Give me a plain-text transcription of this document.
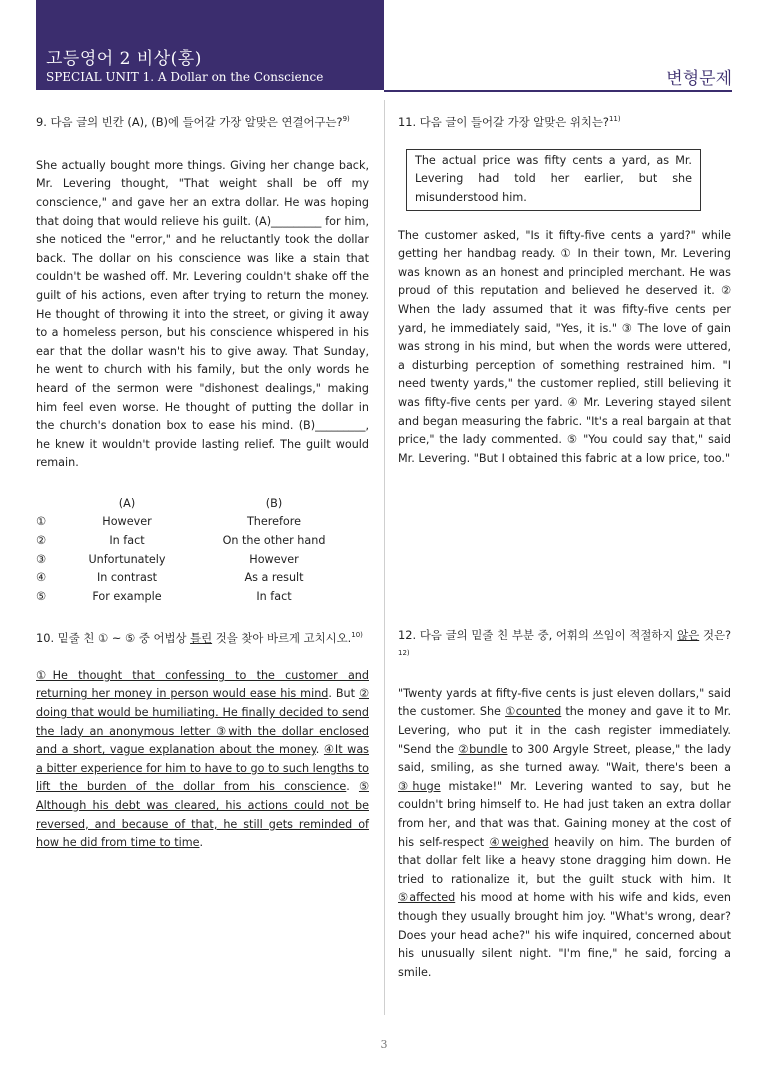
고등영어 2 비상(홍)
SPECIAL UNIT 1. A Dollar on the Conscience	변형문제
9. 다음 글의 빈칸 (A), (B)에 들어갈 가장 알맞은 연결어구는?$^{9)}$
She actually bought more things. Giving her change back, Mr. Levering thought, "That weight shall be off my conscience," and gave her an extra dollar. He was hoping that doing that would relieve his guilt. (A)_________ for him, she noticed the "error," and he reluctantly took the dollar back. The dollar on his conscience was like a stain that couldn't be washed off. Mr. Levering couldn't shake off the guilt of his actions, even after trying to return the money. He thought of throwing it into the street, or giving it away to a homeless person, but his conscience whispered in his ear that the dollar wasn't his to give away. That Sunday, he went to church with his family, but the only words he heard of the sermon were "dishonest dealings," making him feel even worse. He thought of putting the dollar in the church's donation box to ease his mind. (B)_________, he knew it wouldn't provide lasting relief. The guilt would remain.
	(A)	(B)
①	However	Therefore
②	In fact	On the other hand
③	Unfortunately	However
④	In contrast	As a result
⑤	For example	In fact
10. 밑줄 친 ① ~ ⑤ 중 어법상 틀린 것을 찾아 바르게 고치시오.$^{10)}$
①He thought that confessing to the customer and returning her money in person would ease his mind. But ② doing that would be humiliating. He finally decided to send the lady an anonymous letter ③with the dollar enclosed and a short, vague explanation about the money. ④It was a bitter experience for him to have to go to such lengths to lift the burden of the dollar from his conscience. ⑤ Although his debt was cleared, his actions could not be reversed, and because of that, he still gets reminded of how he did from time to time.
11. 다음 글이 들어갈 가장 알맞은 위치는?$^{11)}$
The actual price was fifty cents a yard, as Mr. Levering had told her earlier, but she misunderstood him.
The customer asked, "Is it fifty-five cents a yard?" while getting her handbag ready. ① In their town, Mr. Levering was known as an honest and principled merchant. He was proud of this reputation and believed he deserved it. ② When the lady assumed that it was fifty-five cents per yard, he immediately said, "Yes, it is." ③ The love of gain was strong in his mind, but when the words were uttered, a disturbing perception of something restrained him. "I need twenty yards," the customer replied, still believing it was fifty-five cents per yard. ④ Mr. Levering stayed silent and began measuring the fabric. "It's a real bargain at that price," the lady commented. ⑤ "You could say that," said Mr. Levering. "But I obtained this fabric at a low price, too."
12. 다음 글의 밑줄 친 부분 중, 어휘의 쓰임이 적절하지 않은 것은?$^{12)}$
"Twenty yards at fifty-five cents is just eleven dollars," said the customer. She ①counted the money and gave it to Mr. Levering, who put it in the cash register immediately. "Send the ②bundle to 300 Argyle Street, please," the lady said, smiling, as she turned away. "Wait, there's been a ③huge mistake!" Mr. Levering wanted to say, but he couldn't bring himself to. He had just taken an extra dollar from her, and that was that. Gaining money at the cost of his self-respect ④weighed heavily on him. The burden of that dollar felt like a heavy stone dragging him down. He tried to rationalize it, but the guilt stuck with him. It ⑤affected his mood at home with his wife and kids, even though they usually brought him joy. "What's wrong, dear? Does your head ache?" his wife inquired, concerned about his unusually silent night. "I'm fine," he said, forcing a smile.
3
